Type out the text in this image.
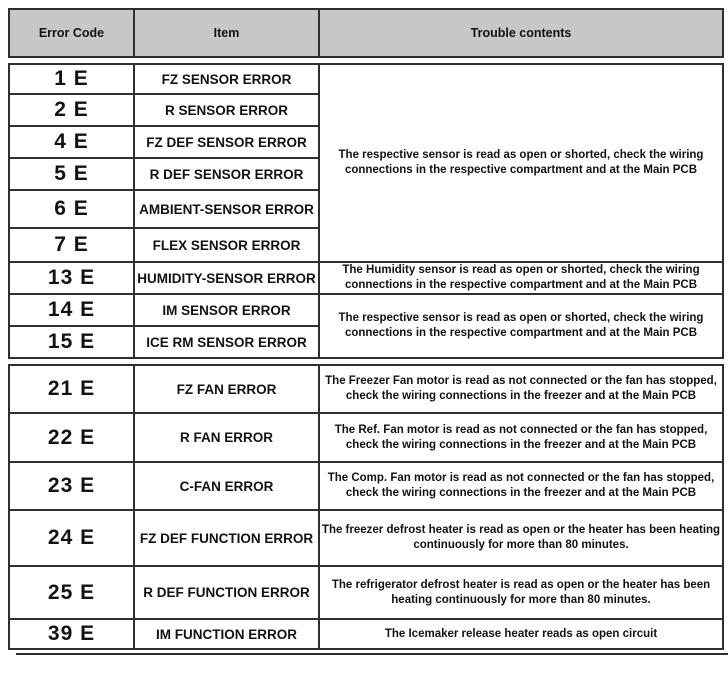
Error Code	Item	Trouble contents
1 E	FZ SENSOR ERROR	The respective sensor is read as open or shorted, check the wiring connections in the respective compartment and at the Main PCB
2 E	R SENSOR ERROR	
4 E	FZ DEF SENSOR ERROR	
5 E	R DEF SENSOR ERROR	
6 E	AMBIENT-SENSOR ERROR	
7 E	FLEX SENSOR ERROR	
13 E	HUMIDITY-SENSOR ERROR	The Humidity sensor is read as open or shorted, check the wiring connections in the respective compartment and at the Main PCB
14 E	IM SENSOR ERROR	The respective sensor is read as open or shorted, check the wiring connections in the respective compartment and at the Main PCB
15 E	ICE RM SENSOR ERROR	
21 E	FZ FAN ERROR	The Freezer Fan motor is read as not connected or the fan has stopped, check the wiring connections in the freezer and at the Main PCB
22 E	R FAN ERROR	The Ref. Fan motor is read as not connected or the fan has stopped, check the wiring connections in the freezer and at the Main PCB
23 E	C-FAN ERROR	The Comp. Fan motor is read as not connected or the fan has stopped, check the wiring connections in the freezer and at the Main PCB
24 E	FZ DEF FUNCTION ERROR	The freezer defrost heater is read as open or the heater has been heating continuously for more than 80 minutes.
25 E	R DEF FUNCTION ERROR	The refrigerator defrost heater is read as open or the heater has been heating continuously for more than 80 minutes.
39 E	IM FUNCTION ERROR	The Icemaker release heater reads as open circuit
